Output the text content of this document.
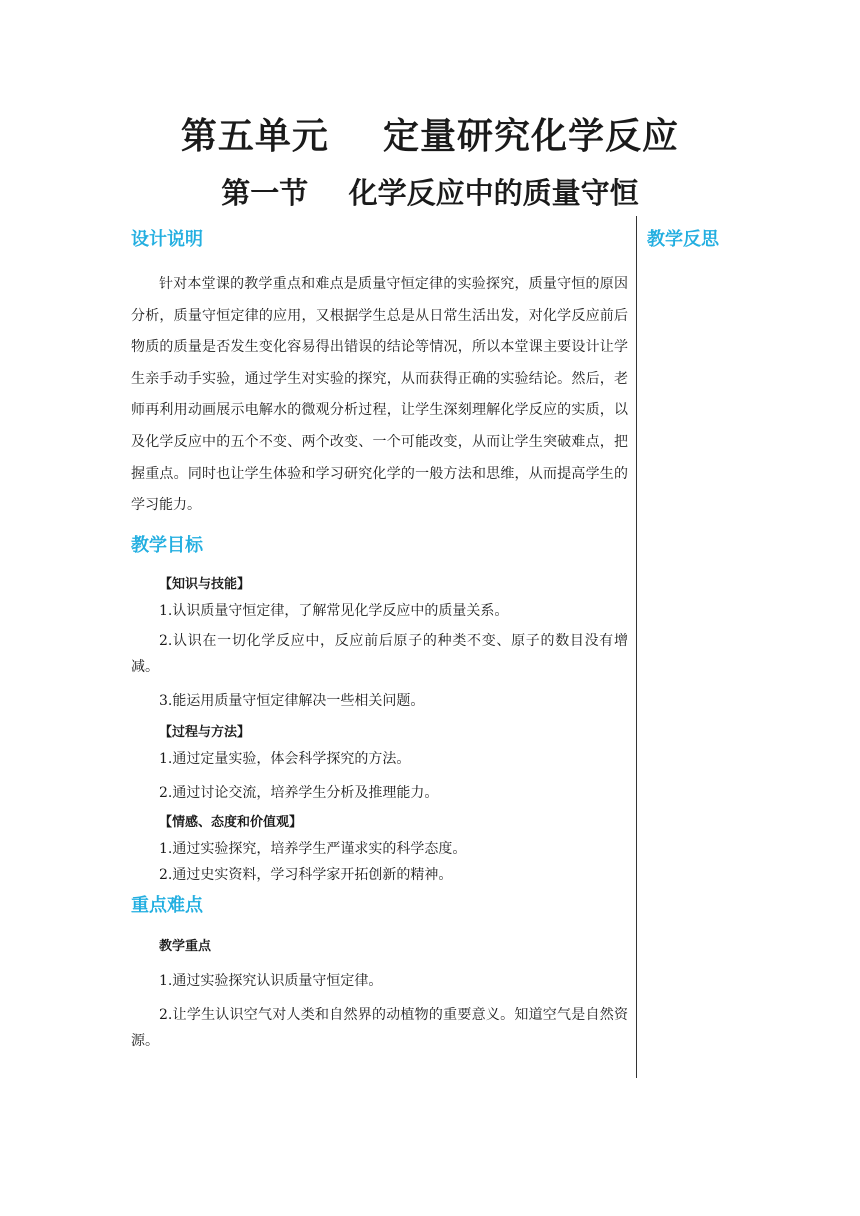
第五单元    定量研究化学反应
第一节    化学反应中的质量守恒
教学反思
设计说明

针对本堂课的教学重点和难点是质量守恒定律的实验探究，质量守恒的原因分析，质量守恒定律的应用，又根据学生总是从日常生活出发，对化学反应前后物质的质量是否发生变化容易得出错误的结论等情况，所以本堂课主要设计让学生亲手动手实验，通过学生对实验的探究，从而获得正确的实验结论。然后，老师再利用动画展示电解水的微观分析过程，让学生深刻理解化学反应的实质，以及化学反应中的五个不变、两个改变、一个可能改变，从而让学生突破难点，把握重点。同时也让学生体验和学习研究化学的一般方法和思维，从而提高学生的学习能力。

教学目标

【知识与技能】

1.认识质量守恒定律，了解常见化学反应中的质量关系。

2.认识在一切化学反应中，反应前后原子的种类不变、原子的数目没有增减。

3.能运用质量守恒定律解决一些相关问题。

【过程与方法】

1.通过定量实验，体会科学探究的方法。

2.通过讨论交流，培养学生分析及推理能力。

【情感、态度和价值观】

1.通过实验探究，培养学生严谨求实的科学态度。

2.通过史实资料，学习科学家开拓创新的精神。

重点难点

教学重点

1.通过实验探究认识质量守恒定律。

2.让学生认识空气对人类和自然界的动植物的重要意义。知道空气是自然资源。
